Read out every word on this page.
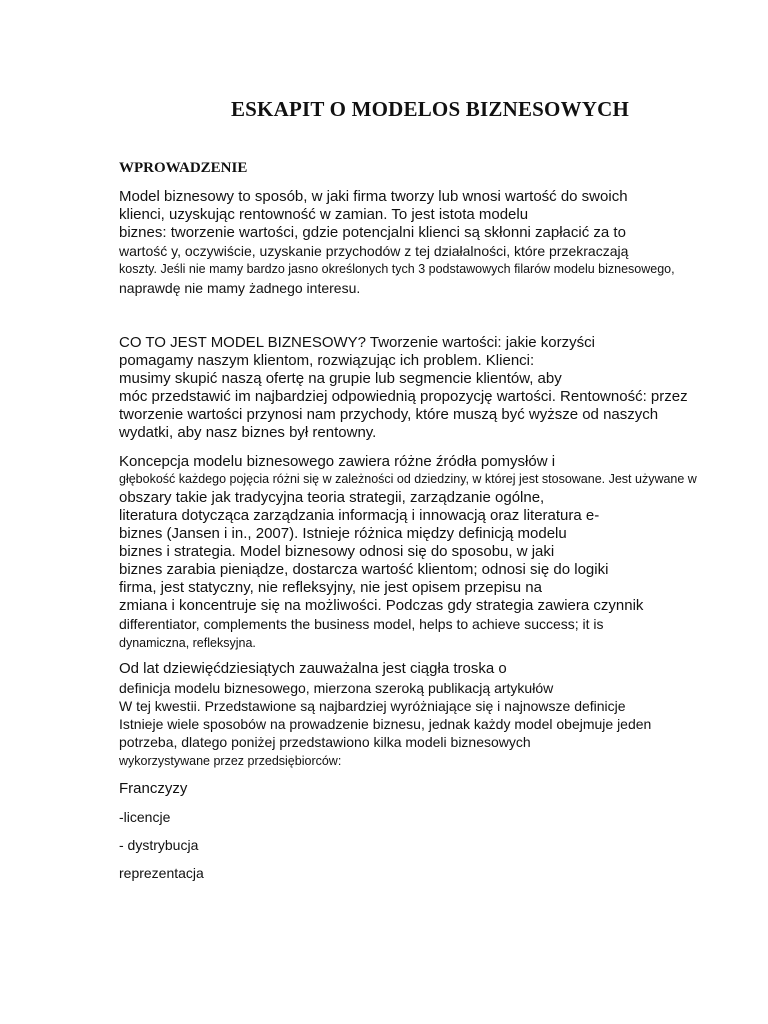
ESKAPIT O MODELOS BIZNESOWYCH
WPROWADZENIE
Model biznesowy to sposób, w jaki firma tworzy lub wnosi wartość do swoich
klienci, uzyskując rentowność w zamian. To jest istota modelu
biznes: tworzenie wartości, gdzie potencjalni klienci są skłonni zapłacić za to
wartość y, oczywiście, uzyskanie przychodów z tej działalności, które przekraczają
koszty. Jeśli nie mamy bardzo jasno określonych tych 3 podstawowych filarów modelu biznesowego,
naprawdę nie mamy żadnego interesu.
CO TO JEST MODEL BIZNESOWY? Tworzenie wartości: jakie korzyści
pomagamy naszym klientom, rozwiązując ich problem. Klienci:
musimy skupić naszą ofertę na grupie lub segmencie klientów, aby
móc przedstawić im najbardziej odpowiednią propozycję wartości. Rentowność: przez
tworzenie wartości przynosi nam przychody, które muszą być wyższe od naszych
wydatki, aby nasz biznes był rentowny.
Koncepcja modelu biznesowego zawiera różne źródła pomysłów i
głębokość każdego pojęcia różni się w zależności od dziedziny, w której jest stosowane. Jest używane w
obszary takie jak tradycyjna teoria strategii, zarządzanie ogólne,
literatura dotycząca zarządzania informacją i innowacją oraz literatura e-
biznes (Jansen i in., 2007). Istnieje różnica między definicją modelu
biznes i strategia. Model biznesowy odnosi się do sposobu, w jaki
biznes zarabia pieniądze, dostarcza wartość klientom; odnosi się do logiki
firma, jest statyczny, nie refleksyjny, nie jest opisem przepisu na
zmiana i koncentruje się na możliwości. Podczas gdy strategia zawiera czynnik
differentiator, complements the business model, helps to achieve success; it is
dynamiczna, refleksyjna.
Od lat dziewięćdziesiątych zauważalna jest ciągła troska o
definicja modelu biznesowego, mierzona szeroką publikacją artykułów
W tej kwestii. Przedstawione są najbardziej wyróżniające się i najnowsze definicje
Istnieje wiele sposobów na prowadzenie biznesu, jednak każdy model obejmuje jeden
potrzeba, dlatego poniżej przedstawiono kilka modeli biznesowych
wykorzystywane przez przedsiębiorców:
Franczyzy
-licencje
- dystrybucja
reprezentacja
